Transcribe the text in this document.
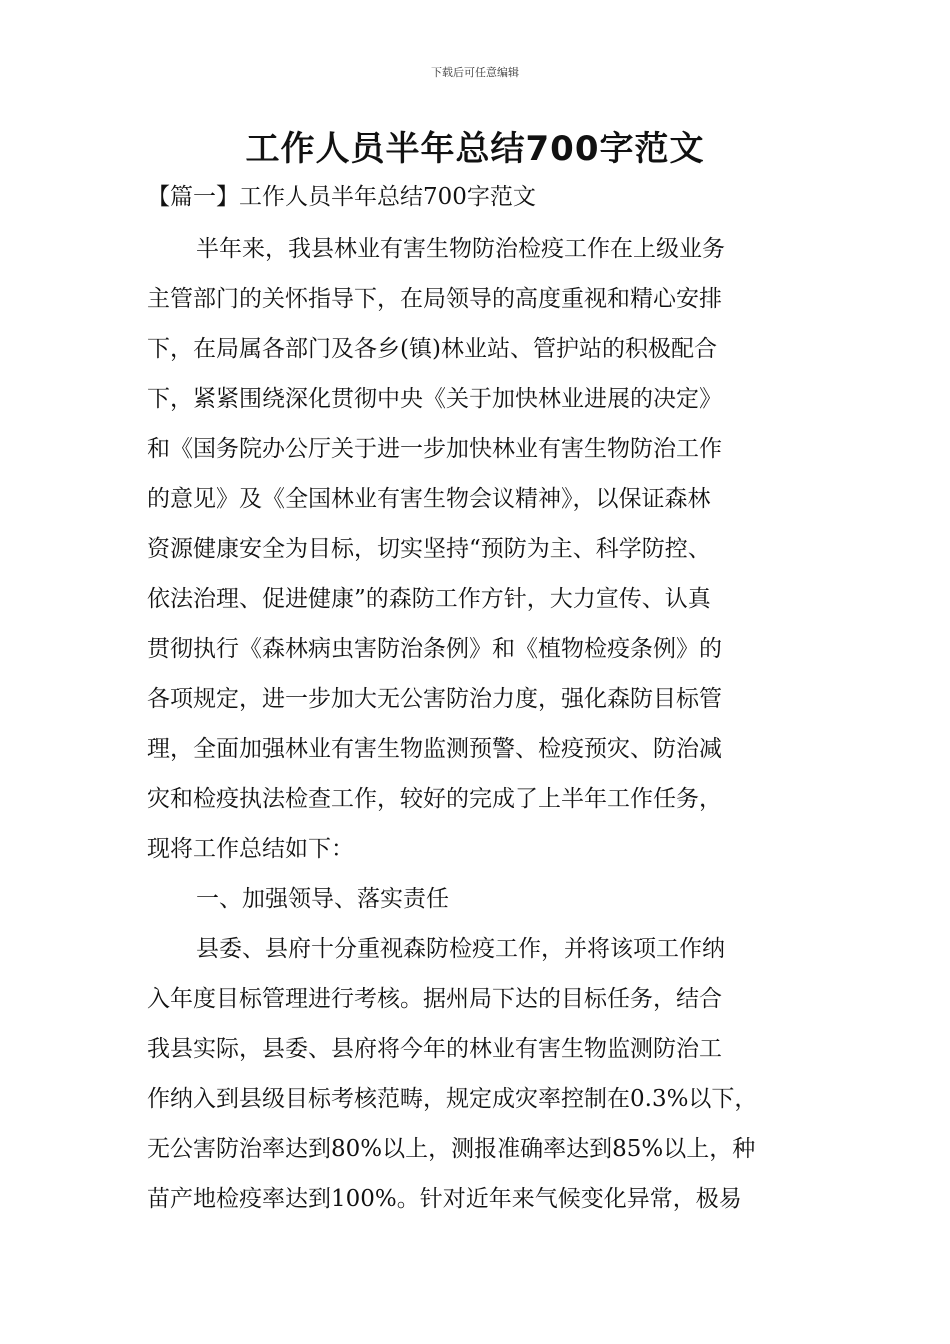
下载后可任意编辑
工作人员半年总结700字范文
【篇一】工作人员半年总结700字范文
半年来，我县林业有害生物防治检疫工作在上级业务
主管部门的关怀指导下，在局领导的高度重视和精心安排
下，在局属各部门及各乡(镇)林业站、管护站的积极配合
下，紧紧围绕深化贯彻中央《关于加快林业进展的决定》
和《国务院办公厅关于进一步加快林业有害生物防治工作
的意见》及《全国林业有害生物会议精神》，以保证森林
资源健康安全为目标，切实坚持“预防为主、科学防控、
依法治理、促进健康”的森防工作方针，大力宣传、认真
贯彻执行《森林病虫害防治条例》和《植物检疫条例》的
各项规定，进一步加大无公害防治力度，强化森防目标管
理，全面加强林业有害生物监测预警、检疫预灾、防治减
灾和检疫执法检查工作，较好的完成了上半年工作任务，
现将工作总结如下：
一、加强领导、落实责任
县委、县府十分重视森防检疫工作，并将该项工作纳
入年度目标管理进行考核。据州局下达的目标任务，结合
我县实际，县委、县府将今年的林业有害生物监测防治工
作纳入到县级目标考核范畴，规定成灾率控制在0.3%以下，
无公害防治率达到80%以上，测报准确率达到85%以上，种
苗产地检疫率达到100%。针对近年来气候变化异常，极易
